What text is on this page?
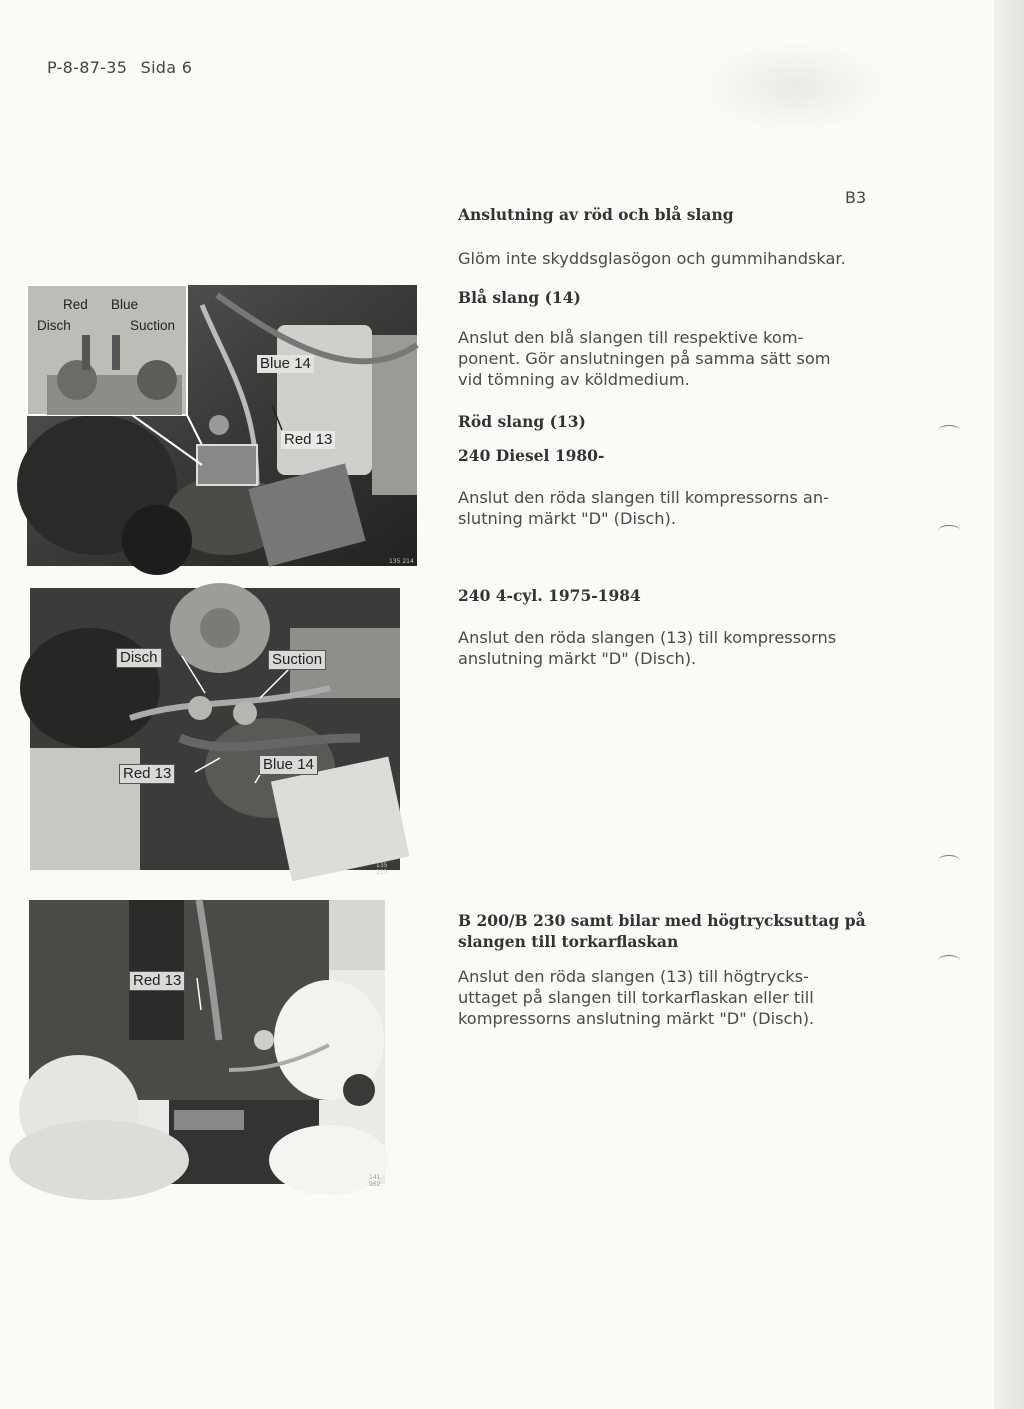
P-8-87-35 Sida 6
B3
Anslutning av röd och blå slang
Glöm inte skyddsglasögon och gummihandskar.
Blå slang (14)
Anslut den blå slangen till respektive kom-
ponent. Gör anslutningen på samma sätt som
vid tömning av köldmedium.
Röd slang (13)
240 Diesel 1980-
Anslut den röda slangen till kompressorns an-
slutning märkt "D" (Disch).
240 4-cyl. 1975-1984
Anslut den röda slangen (13) till kompressorns
anslutning märkt "D" (Disch).
B 200/B 230 samt bilar med högtrycksuttag på
slangen till torkarflaskan
Anslut den röda slangen (13) till högtrycks-
uttaget på slangen till torkarflaskan eller till
kompressorns anslutning märkt "D" (Disch).
Red Blue
Disch	Suction
Blue 14
Red 13
135 214
Disch	Suction
Red 13
Blue 14
135 213
Red 13
141 962
